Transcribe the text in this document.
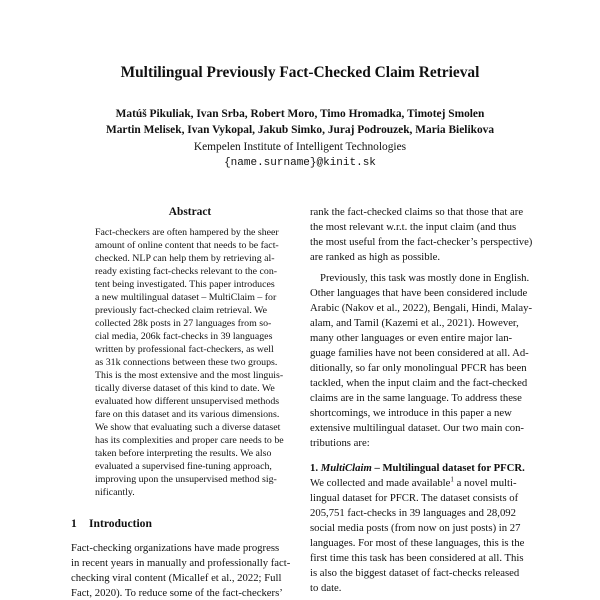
Multilingual Previously Fact-Checked Claim Retrieval
Matúš Pikuliak, Ivan Srba, Robert Moro, Timo Hromadka, Timotej Smolen
Martin Melisek, Ivan Vykopal, Jakub Simko, Juraj Podrouzek, Maria Bielikova
Kempelen Institute of Intelligent Technologies
{name.surname}@kinit.sk
Abstract
Fact-checkers are often hampered by the sheer
amount of online content that needs to be fact-
checked. NLP can help them by retrieving al-
ready existing fact-checks relevant to the con-
tent being investigated. This paper introduces
a new multilingual dataset – MultiClaim – for
previously fact-checked claim retrieval. We
collected 28k posts in 27 languages from so-
cial media, 206k fact-checks in 39 languages
written by professional fact-checkers, as well
as 31k connections between these two groups.
This is the most extensive and the most linguis-
tically diverse dataset of this kind to date. We
evaluated how different unsupervised methods
fare on this dataset and its various dimensions.
We show that evaluating such a diverse dataset
has its complexities and proper care needs to be
taken before interpreting the results. We also
evaluated a supervised fine-tuning approach,
improving upon the unsupervised method sig-
nificantly.
1 Introduction
Fact-checking organizations have made progress
in recent years in manually and professionally fact-
checking viral content (Micallef et al., 2022; Full
Fact, 2020). To reduce some of the fact-checkers’
rank the fact-checked claims so that those that are
the most relevant w.r.t. the input claim (and thus
the most useful from the fact-checker’s perspective)
are ranked as high as possible.
Previously, this task was mostly done in English.
Other languages that have been considered include
Arabic (Nakov et al., 2022), Bengali, Hindi, Malay-
alam, and Tamil (Kazemi et al., 2021). However,
many other languages or even entire major lan-
guage families have not been considered at all. Ad-
ditionally, so far only monolingual PFCR has been
tackled, when the input claim and the fact-checked
claims are in the same language. To address these
shortcomings, we introduce in this paper a new
extensive multilingual dataset. Our two main con-
tributions are:
1. MultiClaim – Multilingual dataset for PFCR.
We collected and made available$^1$ a novel multi-
lingual dataset for PFCR. The dataset consists of
205,751 fact-checks in 39 languages and 28,092
social media posts (from now on just posts) in 27
languages. For most of these languages, this is the
first time this task has been considered at all. This
is also the biggest dataset of fact-checks released
to date.
